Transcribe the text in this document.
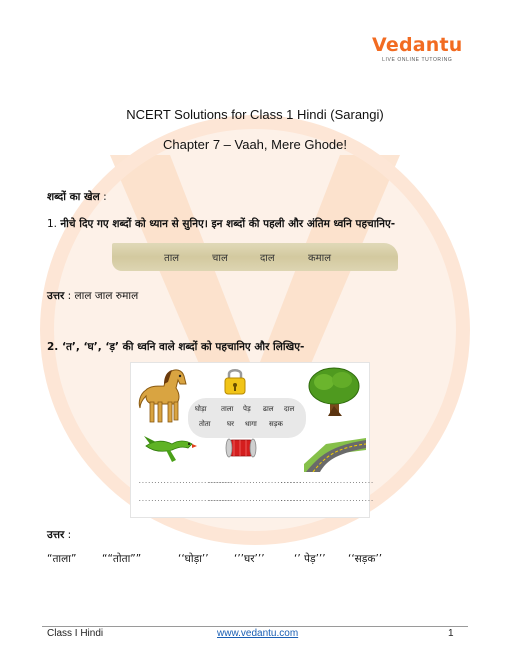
Vedantu
LIVE ONLINE TUTORING
NCERT Solutions for Class 1 Hindi (Sarangi)
Chapter 7 – Vaah, Mere Ghode!
शब्दों का खेल :
1. नीचे दिए गए शब्दों को ध्यान से सुनिए। इन शब्दों की पहली और अंतिम ध्वनि पहचानिए-
ताल	चाल	दाल	कमाल
उत्तर : लाल जाल रुमाल
2. ‘त’, ‘घ’, ‘ड़’ की ध्वनि वाले शब्दों को पहचानिए और लिखिए-
घोड़ा ताला पेड़ ढाल दाल
तोता घर धागा सड़क
..............................
..............................
..............................
..............................
..............................
..............................
उत्तर :
“ताला” ““तोता””	‘‘घोड़ा’’ ‘’’घर’’’	‘’ पेड़’’’ ‘‘सड़क’’
Class I Hindi	www.vedantu.com	1
